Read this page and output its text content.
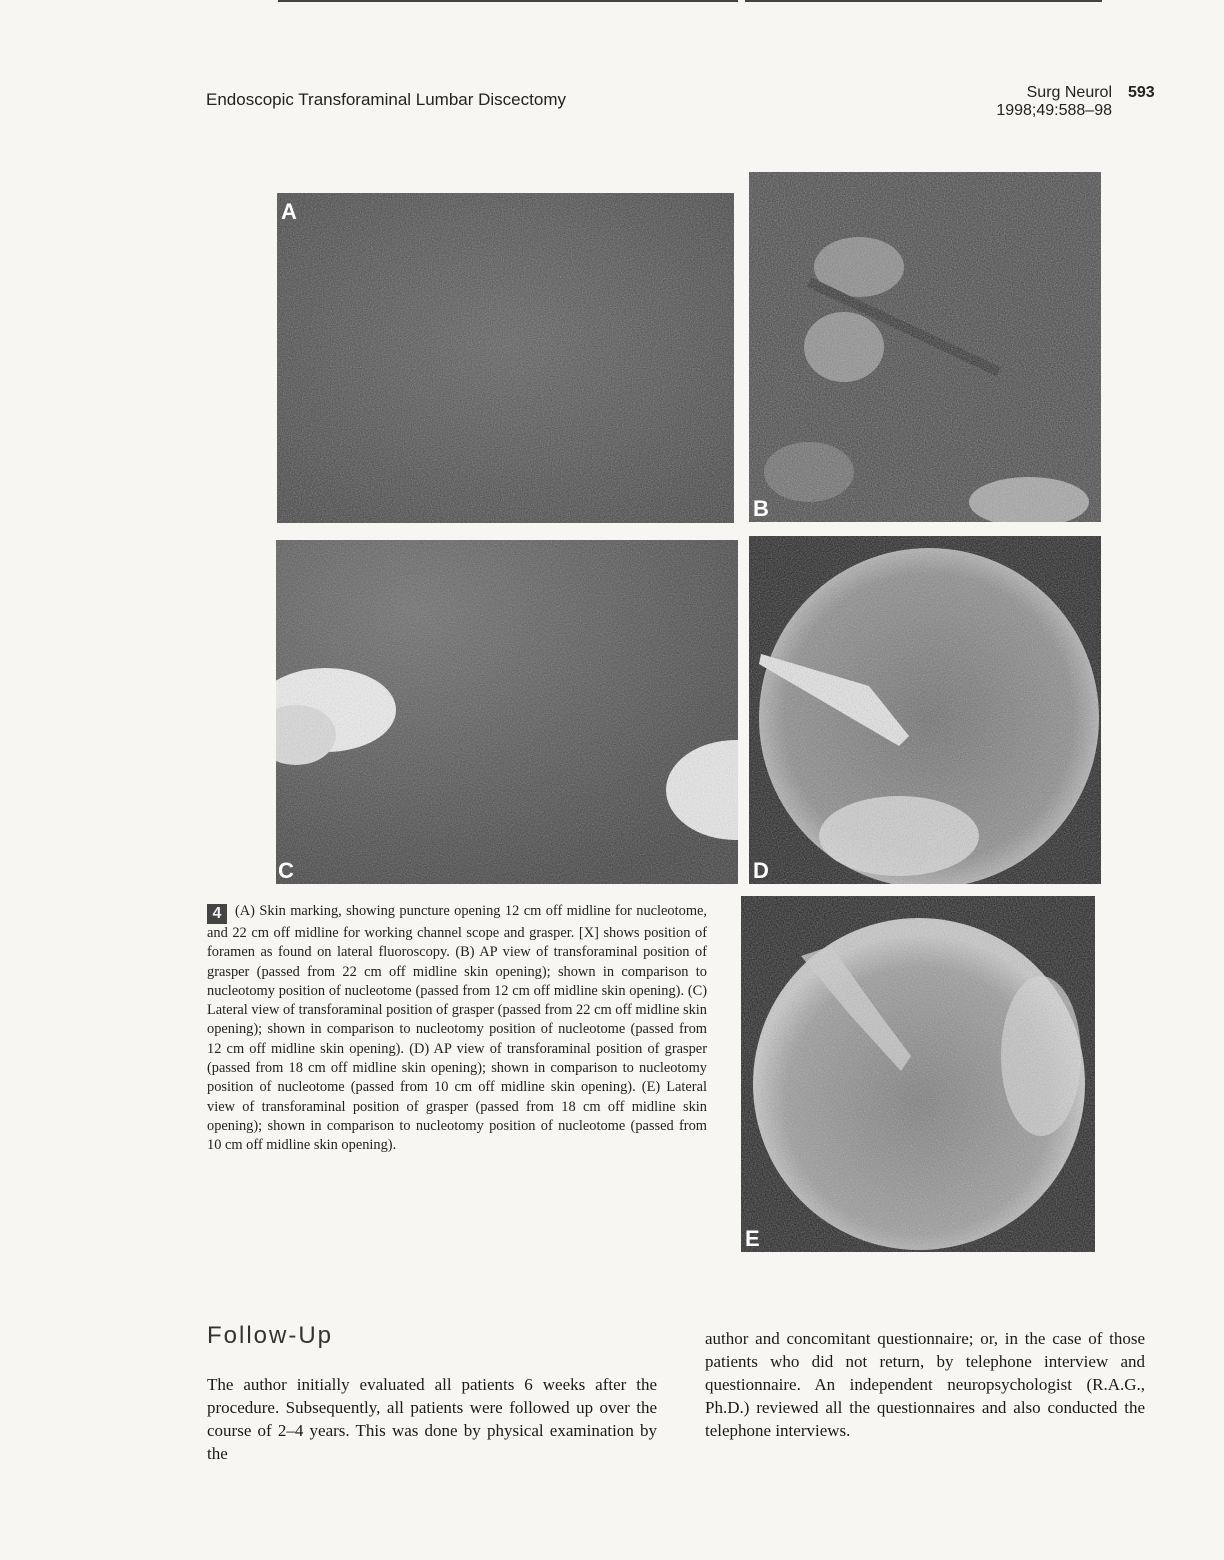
Endoscopic Transforaminal Lumbar Discectomy	Surg Neurol
1998;49:588–98
593
A
B
C	D
E
4 (A) Skin marking, showing puncture opening 12 cm off midline for nucleotome, and 22 cm off midline for working channel scope and grasper. [X] shows position of foramen as found on lateral fluoroscopy. (B) AP view of transforaminal position of grasper (passed from 22 cm off midline skin opening); shown in comparison to nucleotomy position of nucleotome (passed from 12 cm off midline skin opening). (C) Lateral view of transforaminal position of grasper (passed from 22 cm off midline skin opening); shown in comparison to nucleotomy position of nucleotome (passed from 12 cm off midline skin opening). (D) AP view of transforaminal position of grasper (passed from 18 cm off midline skin opening); shown in comparison to nucleotomy position of nucleotome (passed from 10 cm off midline skin opening). (E) Lateral view of transforaminal position of grasper (passed from 18 cm off midline skin opening); shown in comparison to nucleotomy position of nucleotome (passed from 10 cm off midline skin opening).
Follow-Up
The author initially evaluated all patients 6 weeks after the procedure. Subsequently, all patients were followed up over the course of 2–4 years. This was done by physical examination by the
author and concomitant questionnaire; or, in the case of those patients who did not return, by telephone interview and questionnaire. An independent neuropsychologist (R.A.G., Ph.D.) reviewed all the questionnaires and also conducted the telephone interviews.
